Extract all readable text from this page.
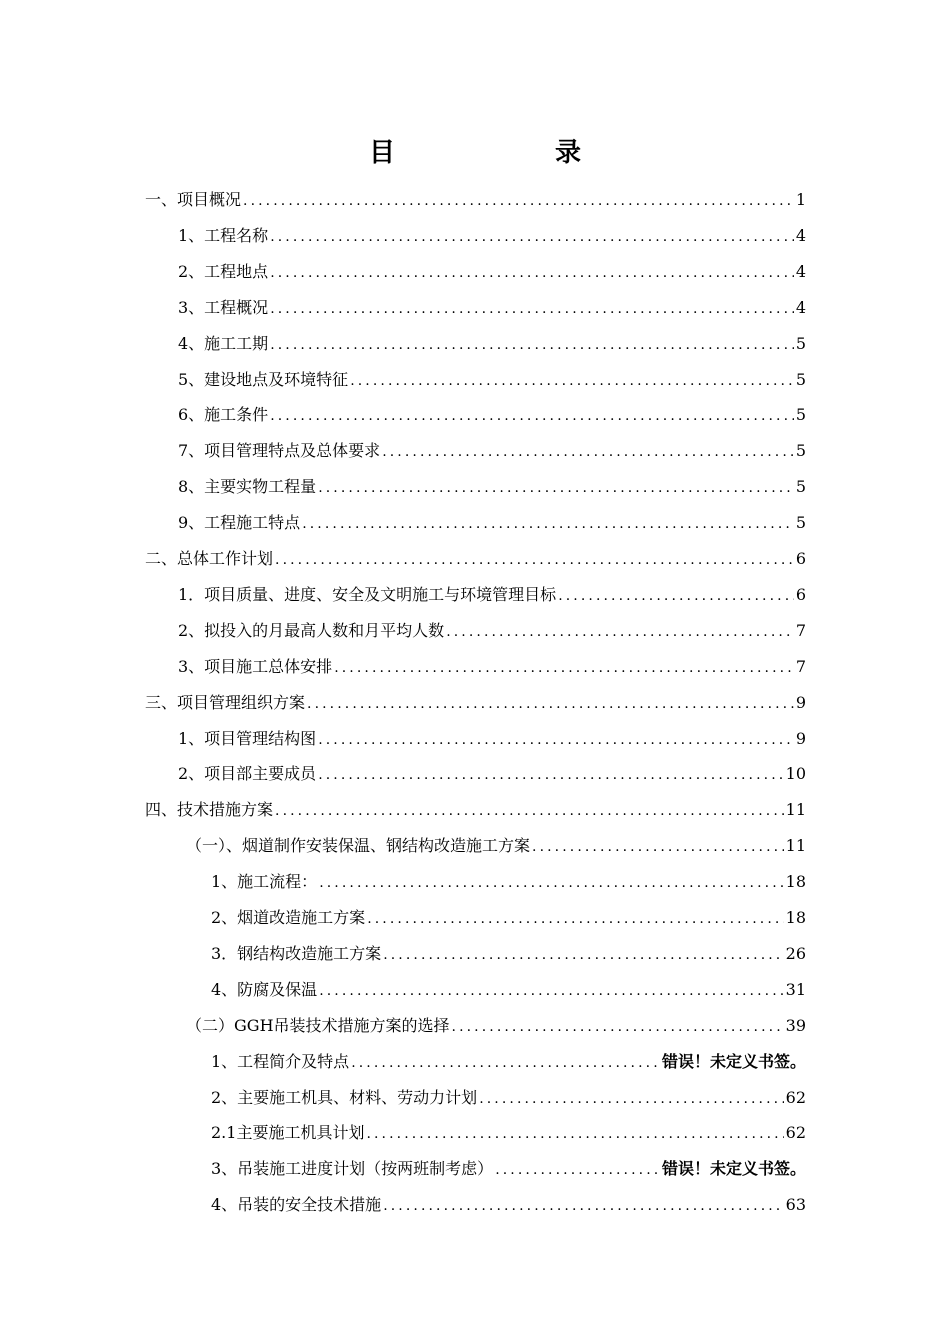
目　　录
一、项目概况 .....	1
1、工程名称 .....	4
2、工程地点 .....	4
3、工程概况 .....	4
4、施工工期 .....	5
5、建设地点及环境特征 .....	5
6、施工条件 .....	5
7、项目管理特点及总体要求 .....	5
8、主要实物工程量 .....	5
9、工程施工特点 .....	5
二、总体工作计划 .....	6
1．项目质量、进度、安全及文明施工与环境管理目标 .....	6
2、拟投入的月最高人数和月平均人数 .....	7
3、项目施工总体安排 .....	7
三、项目管理组织方案 .....	9
1、项目管理结构图 .....	9
2、项目部主要成员 .....	10
四、技术措施方案 .....	11
（一）、烟道制作安装保温、钢结构改造施工方案 .....	11
1、施工流程： .....	18
2、烟道改造施工方案 .....	18
3．钢结构改造施工方案 .....	26
4、防腐及保温 .....	31
（二）GGH吊装技术措施方案的选择 .....	39
1、工程简介及特点 .....	错误！未定义书签。
2、主要施工机具、材料、劳动力计划 .....	62
2.1主要施工机具计划 .....	62
3、吊装施工进度计划（按两班制考虑） .....	错误！未定义书签。
4、吊装的安全技术措施 .....	63
